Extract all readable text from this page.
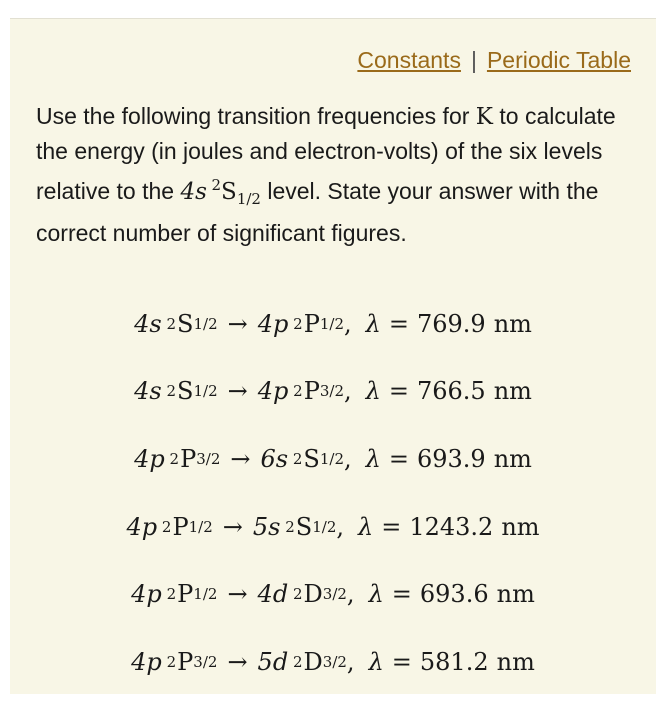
Constants | Periodic Table
Use the following transition frequencies for K to calculate the energy (in joules and electron-volts) of the six levels relative to the 4s  $^2S_{1/2}$ level. State your answer with the correct number of significant figures.
4s
  2 S 1/2 → 4p
  2 P 1/2 , λ = 769.9 nm
4s
  2 S 1/2 → 4p
  2 P 3/2 , λ = 766.5 nm
4p
  2 P 3/2 → 6s
  2 S 1/2 , λ = 693.9 nm
4p
  2 P 1/2 → 5s
  2 S 1/2 , λ = 1243.2 nm
4p
  2 P 1/2 → 4d
  2 D 3/2 , λ = 693.6 nm
4p
  2 P 3/2 → 5d
  2 D 3/2 , λ = 581.2 nm
